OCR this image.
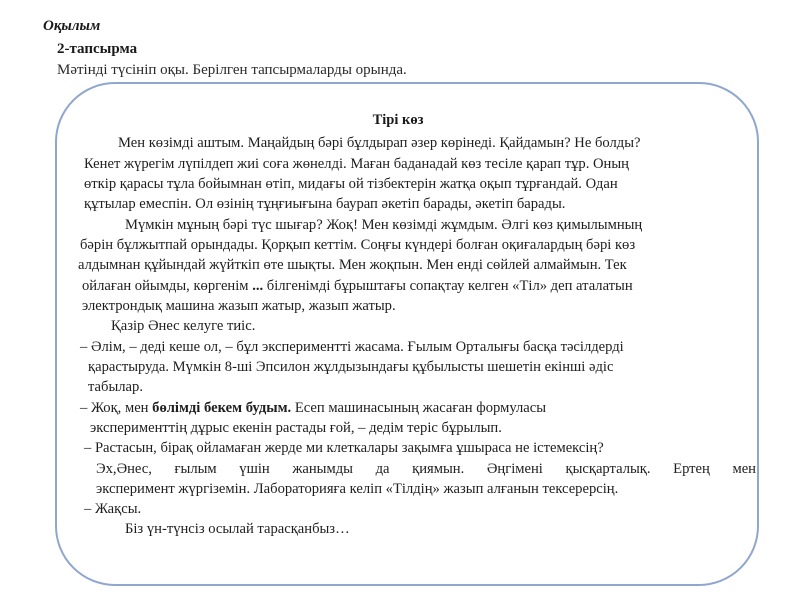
Оқылым
2-тапсырма
Мәтінді түсініп оқы. Берілген тапсырмаларды орында.
Тірі көз
Мен көзімді аштым. Маңайдың бәрі бұлдырап әзер көрінеді. Қайдамын? Не болды?
Кенет жүрегім лүпілдеп жиі соға жөнелді. Маған баданадай көз тесіле қарап тұр. Оның
өткір қарасы тұла бойымнан өтіп, мидағы ой тізбектерін жатқа оқып тұрғандай. Одан
құтылар емеспін. Ол өзінің тұңғиығына баурап әкетіп барады, әкетіп барады.
Мүмкін мұның бәрі түс шығар? Жоқ! Мен көзімді жұмдым. Әлгі көз қимылымның
бәрін бұлжытпай орындады. Қорқып кеттім. Соңғы күндері болған оқиғалардың бәрі көз
алдымнан құйындай жүйткіп өте шықты. Мен жоқпын. Мен енді сөйлей алмаймын. Тек
ойлаған ойымды, көргенім ... білгенімді бұрыштағы сопақтау келген «Тіл» деп аталатын
электрондық машина жазып жатыр, жазып жатыр.
Қазір Әнес келуге тиіс.
– Әлім, – деді кеше ол, – бұл экспериментті жасама. Ғылым Орталығы басқа тәсілдерді
қарастыруда. Мүмкін 8-ші Эпсилон жұлдызындағы құбылысты шешетін екінші әдіс
табылар.
– Жоқ, мен бөлімді бекем будым. Есеп машинасының жасаған формуласы
эксперименттің дұрыс екенін растады ғой, – дедім теріс бұрылып.
– Растасын, бірақ ойламаған жерде ми клеткалары зақымға ұшыраса не істемексің?
Эх,Әнес, ғылым үшін жанымды да қиямын. Әңгімені қысқарталық. Ертең мен
эксперимент жүргіземін. Лабораторияға келіп «Тілдің» жазып алғанын тексерерсің.
– Жақсы.
Біз үн-түнсіз осылай тарасқанбыз…
